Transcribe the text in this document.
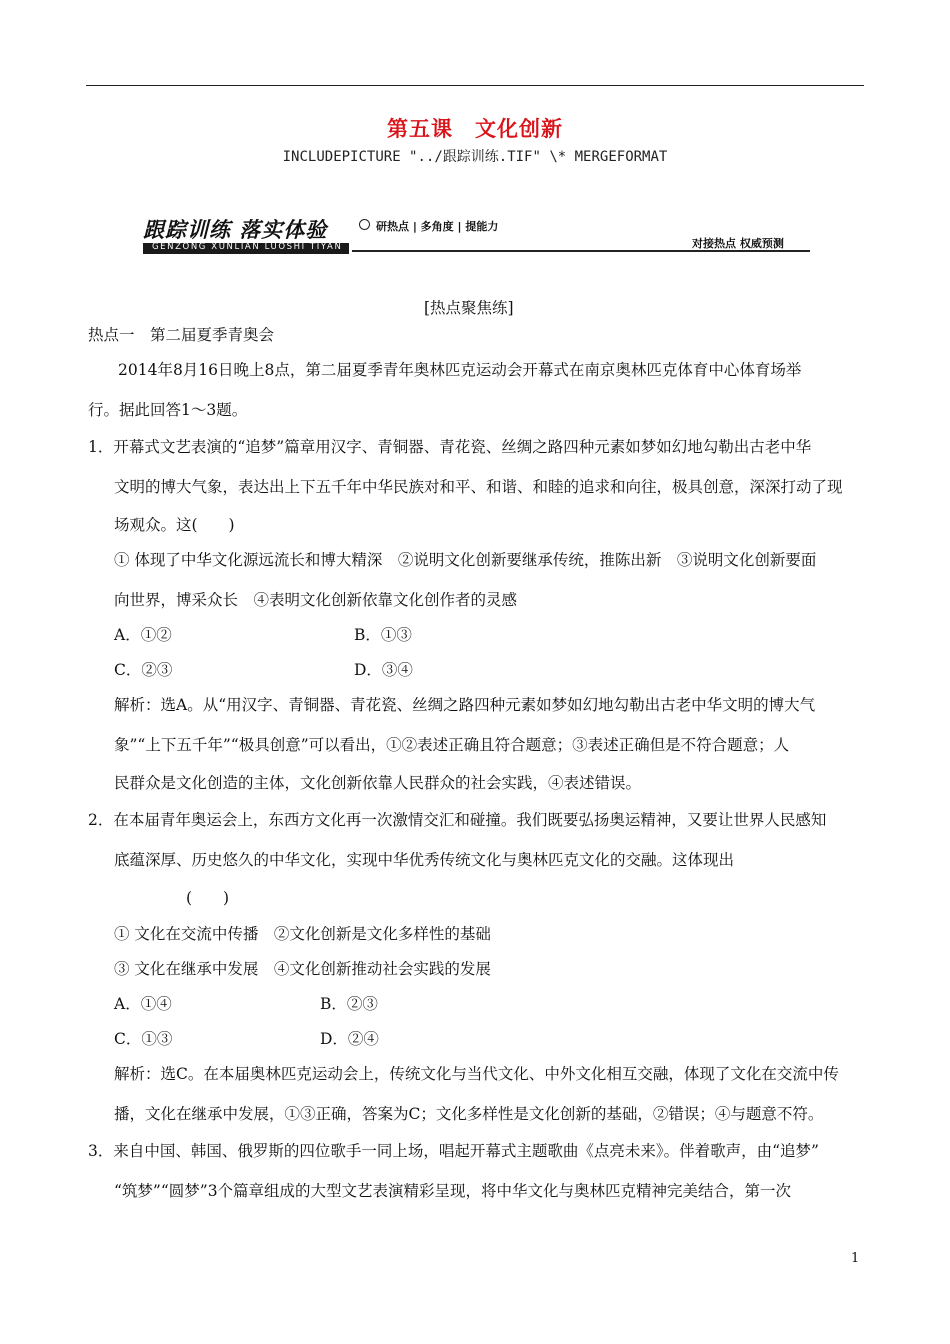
第五课　文化创新
INCLUDEPICTURE "../跟踪训练.TIF" \* MERGEFORMAT
跟踪训练 落实体验
GENZONG XUNLIAN LUOSHI TIYAN
研热点 | 多角度 | 提能力
对接热点 权威预测
[热点聚焦练]
热点一　第二届夏季青奥会
2014年8月16日晚上8点，第二届夏季青年奥林匹克运动会开幕式在南京奥林匹克体育中心体育场举
行。据此回答1～3题。
1．开幕式文艺表演的“追梦”篇章用汉字、青铜器、青花瓷、丝绸之路四种元素如梦如幻地勾勒出古老中华
文明的博大气象，表达出上下五千年中华民族对和平、和谐、和睦的追求和向往，极具创意，深深打动了现
场观众。这(　　)
① 体现了中华文化源远流长和博大精深　②说明文化创新要继承传统，推陈出新　③说明文化创新要面
向世界，博采众长　④表明文化创新依靠文化创作者的灵感
A．①②	B．①③
C．②③	D．③④
解析：选A。从“用汉字、青铜器、青花瓷、丝绸之路四种元素如梦如幻地勾勒出古老中华文明的博大气
象”“上下五千年”“极具创意”可以看出，①②表述正确且符合题意；③表述正确但是不符合题意；人
民群众是文化创造的主体，文化创新依靠人民群众的社会实践，④表述错误。
2．在本届青年奥运会上，东西方文化再一次激情交汇和碰撞。我们既要弘扬奥运精神，又要让世界人民感知
底蕴深厚、历史悠久的中华文化，实现中华优秀传统文化与奥林匹克文化的交融。这体现出
(　　)
① 文化在交流中传播　②文化创新是文化多样性的基础
③ 文化在继承中发展　④文化创新推动社会实践的发展
A．①④	B．②③
C．①③	D．②④
解析：选C。在本届奥林匹克运动会上，传统文化与当代文化、中外文化相互交融，体现了文化在交流中传
播，文化在继承中发展，①③正确，答案为C；文化多样性是文化创新的基础，②错误；④与题意不符。
3．来自中国、韩国、俄罗斯的四位歌手一同上场，唱起开幕式主题歌曲《点亮未来》。伴着歌声，由“追梦”
“筑梦”“圆梦”3个篇章组成的大型文艺表演精彩呈现，将中华文化与奥林匹克精神完美结合，第一次
1
